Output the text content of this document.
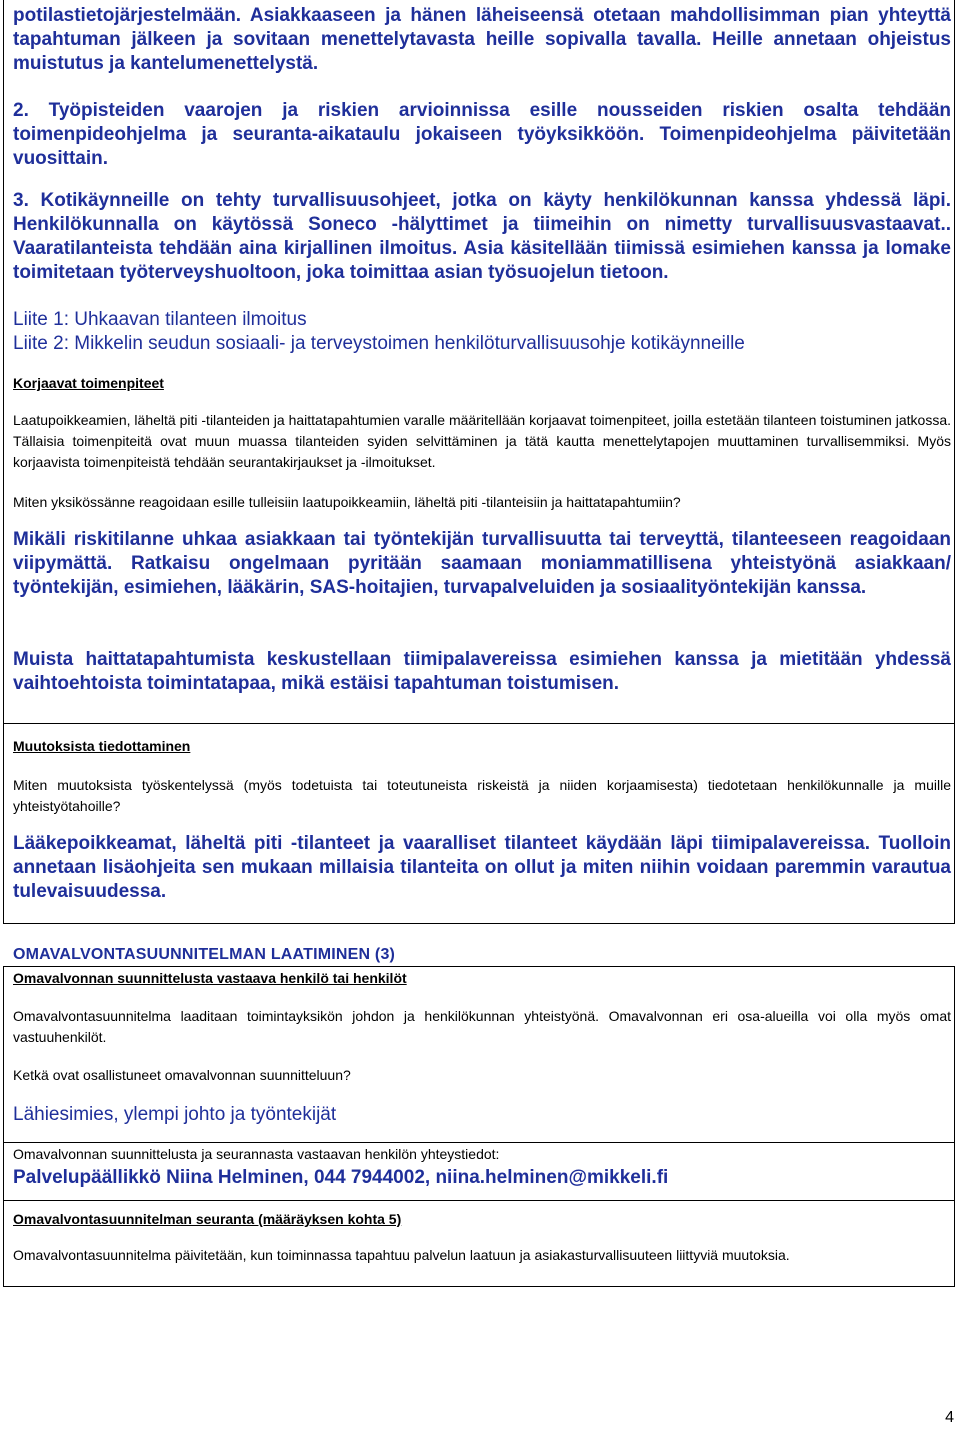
potilastietojärjestelmään. Asiakkaaseen ja hänen läheiseensä otetaan mahdollisimman pian yhteyttä tapahtuman jälkeen ja sovitaan menettelytavasta heille sopivalla tavalla. Heille annetaan ohjeistus muistutus ja kantelumenettelystä.

2. Työpisteiden vaarojen ja riskien arvioinnissa esille nousseiden riskien osalta tehdään toimenpideohjelma ja seuranta-aikataulu jokaiseen työyksikköön. Toimenpideohjelma päivitetään vuosittain.

3. Kotikäynneille on tehty turvallisuusohjeet, jotka on käyty henkilökunnan kanssa yhdessä läpi. Henkilökunnalla on käytössä Soneco -hälyttimet ja tiimeihin on nimetty turvallisuusvastaavat.. Vaaratilanteista tehdään aina kirjallinen ilmoitus. Asia käsitellään tiimissä esimiehen kanssa ja lomake toimitetaan työterveyshuoltoon, joka toimittaa asian työsuojelun tietoon.

Liite 1: Uhkaavan tilanteen ilmoitus

Liite 2: Mikkelin seudun sosiaali- ja terveystoimen henkilöturvallisuusohje kotikäynneille

Korjaavat toimenpiteet

Laatupoikkeamien, läheltä piti -tilanteiden ja haittatapahtumien varalle määritellään korjaavat toimenpiteet, joilla estetään tilanteen toistuminen jatkossa. Tällaisia toimenpiteitä ovat muun muassa tilanteiden syiden selvittäminen ja tätä kautta menettelytapojen muuttaminen turvallisemmiksi. Myös korjaavista toimenpiteistä tehdään seurantakirjaukset ja -ilmoitukset.

Miten yksikössänne reagoidaan esille tulleisiin laatupoikkeamiin, läheltä piti -tilanteisiin ja haittatapahtumiin?

Mikäli riskitilanne uhkaa asiakkaan tai työntekijän turvallisuutta tai terveyttä, tilanteeseen reagoidaan viipymättä. Ratkaisu ongelmaan pyritään saamaan moniammatillisena yhteistyönä asiakkaan/ työntekijän, esimiehen, lääkärin, SAS-hoitajien, turvapalveluiden ja sosiaalityöntekijän kanssa.

Muista haittatapahtumista keskustellaan tiimipalavereissa esimiehen kanssa ja mietitään yhdessä vaihtoehtoista toimintatapaa, mikä estäisi tapahtuman toistumisen.

Muutoksista tiedottaminen

Miten muutoksista työskentelyssä (myös todetuista tai toteutuneista riskeistä ja niiden korjaamisesta) tiedotetaan henkilökunnalle ja muille yhteistyötahoille?

Lääkepoikkeamat, läheltä piti -tilanteet ja vaaralliset tilanteet käydään läpi tiimipalavereissa. Tuolloin annetaan lisäohjeita sen mukaan millaisia tilanteita on ollut ja miten niihin voidaan paremmin varautua tulevaisuudessa.

OMAVALVONTASUUNNITELMAN LAATIMINEN (3)

Omavalvonnan suunnittelusta vastaava henkilö tai henkilöt

Omavalvontasuunnitelma laaditaan toimintayksikön johdon ja henkilökunnan yhteistyönä. Omavalvonnan eri osa-alueilla voi olla myös omat vastuuhenkilöt.

Ketkä ovat osallistuneet omavalvonnan suunnitteluun?

Lähiesimies, ylempi johto ja työntekijät

Omavalvonnan suunnittelusta ja seurannasta vastaavan henkilön yhteystiedot:

Palvelupäällikkö Niina Helminen, 044 7944002, niina.helminen@mikkeli.fi

Omavalvontasuunnitelman seuranta (määräyksen kohta 5)

Omavalvontasuunnitelma päivitetään, kun toiminnassa tapahtuu palvelun laatuun ja asiakasturvallisuuteen liittyviä muutoksia.

4
